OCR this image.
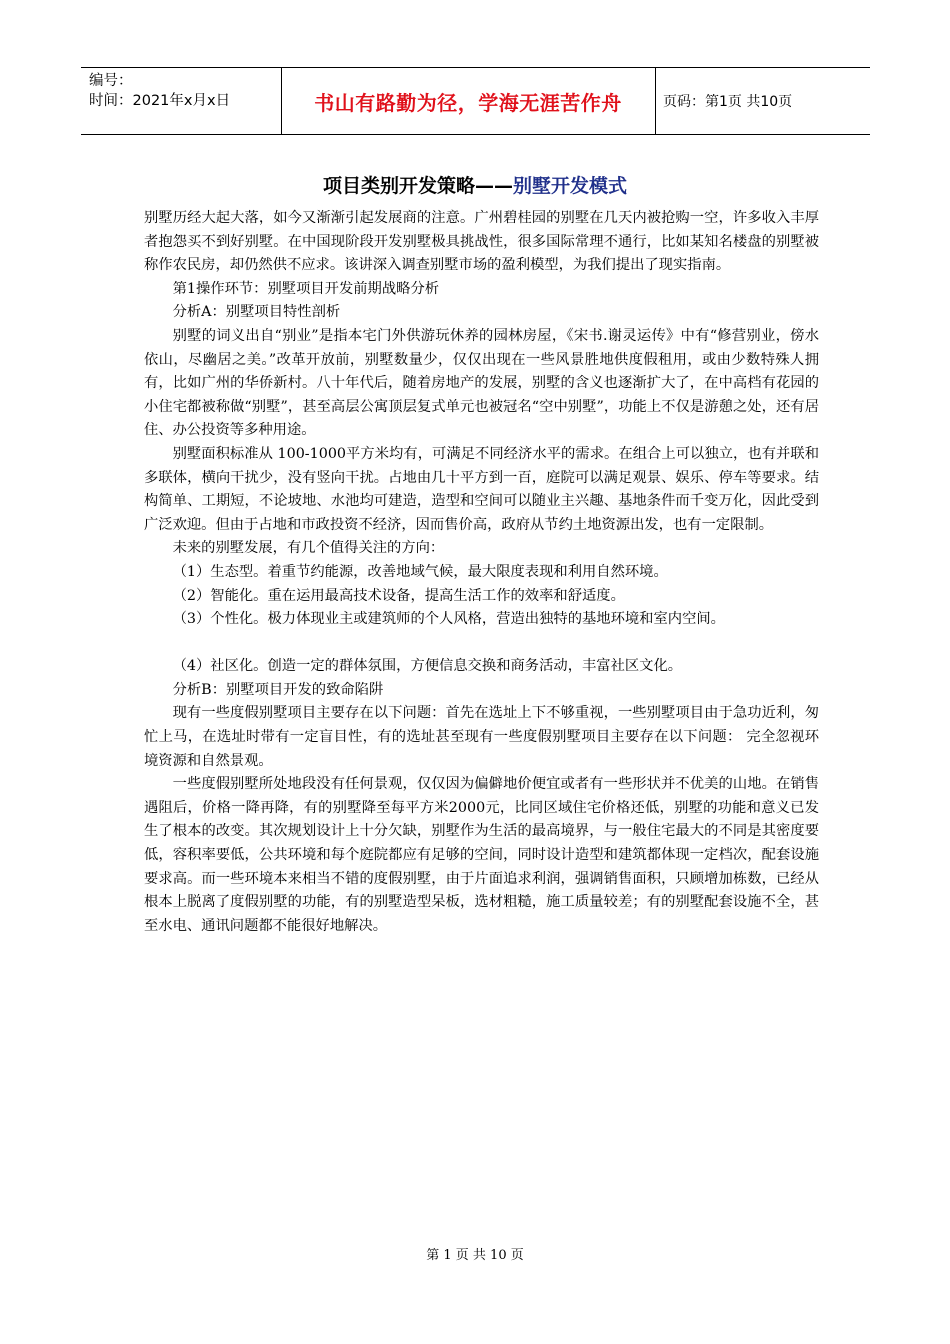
编号：
时间：2021年x月x日	书山有路勤为径，学海无涯苦作舟	页码：第1页 共10页
项目类别开发策略——别墅开发模式

别墅历经大起大落，如今又渐渐引起发展商的注意。广州碧桂园的别墅在几天内被抢购一空，许多收入丰厚者抱怨买不到好别墅。在中国现阶段开发别墅极具挑战性，很多国际常理不通行，比如某知名楼盘的别墅被称作农民房，却仍然供不应求。该讲深入调查别墅市场的盈利模型，为我们提出了现实指南。

第1操作环节：别墅项目开发前期战略分析

分析A：别墅项目特性剖析

别墅的词义出自“别业”是指本宅门外供游玩休养的园林房屋，《宋书.谢灵运传》中有“修营别业，傍水依山，尽幽居之美。”改革开放前，别墅数量少，仅仅出现在一些风景胜地供度假租用，或由少数特殊人拥有，比如广州的华侨新村。八十年代后，随着房地产的发展，别墅的含义也逐渐扩大了，在中高档有花园的小住宅都被称做“别墅”，甚至高层公寓顶层复式单元也被冠名“空中别墅”，功能上不仅是游憩之处，还有居住、办公投资等多种用途。

别墅面积标准从 100-1000平方米均有，可满足不同经济水平的需求。在组合上可以独立，也有并联和多联体，横向干扰少，没有竖向干扰。占地由几十平方到一百，庭院可以满足观景、娱乐、停车等要求。结构简单、工期短，不论坡地、水池均可建造，造型和空间可以随业主兴趣、基地条件而千变万化，因此受到广泛欢迎。但由于占地和市政投资不经济，因而售价高，政府从节约土地资源出发，也有一定限制。

未来的别墅发展，有几个值得关注的方向：

（1）生态型。着重节约能源，改善地域气候，最大限度表现和利用自然环境。

（2）智能化。重在运用最高技术设备，提高生活工作的效率和舒适度。

（3）个性化。极力体现业主或建筑师的个人风格，营造出独特的基地环境和室内空间。

（4）社区化。创造一定的群体氛围，方便信息交换和商务活动，丰富社区文化。

分析B：别墅项目开发的致命陷阱

现有一些度假别墅项目主要存在以下问题：首先在选址上下不够重视，一些别墅项目由于急功近利，匆忙上马，在选址时带有一定盲目性，有的选址甚至现有一些度假别墅项目主要存在以下问题： 完全忽视环境资源和自然景观。

一些度假别墅所处地段没有任何景观，仅仅因为偏僻地价便宜或者有一些形状并不优美的山地。在销售遇阻后，价格一降再降，有的别墅降至每平方米2000元，比同区域住宅价格还低，别墅的功能和意义已发生了根本的改变。其次规划设计上十分欠缺，别墅作为生活的最高境界，与一般住宅最大的不同是其密度要低，容积率要低，公共环境和每个庭院都应有足够的空间，同时设计造型和建筑都体现一定档次，配套设施要求高。而一些环境本来相当不错的度假别墅，由于片面追求利润，强调销售面积，只顾增加栋数，已经从根本上脱离了度假别墅的功能，有的别墅造型呆板，选材粗糙，施工质量较差；有的别墅配套设施不全，甚至水电、通讯问题都不能很好地解决。

第 1 页 共 10 页
